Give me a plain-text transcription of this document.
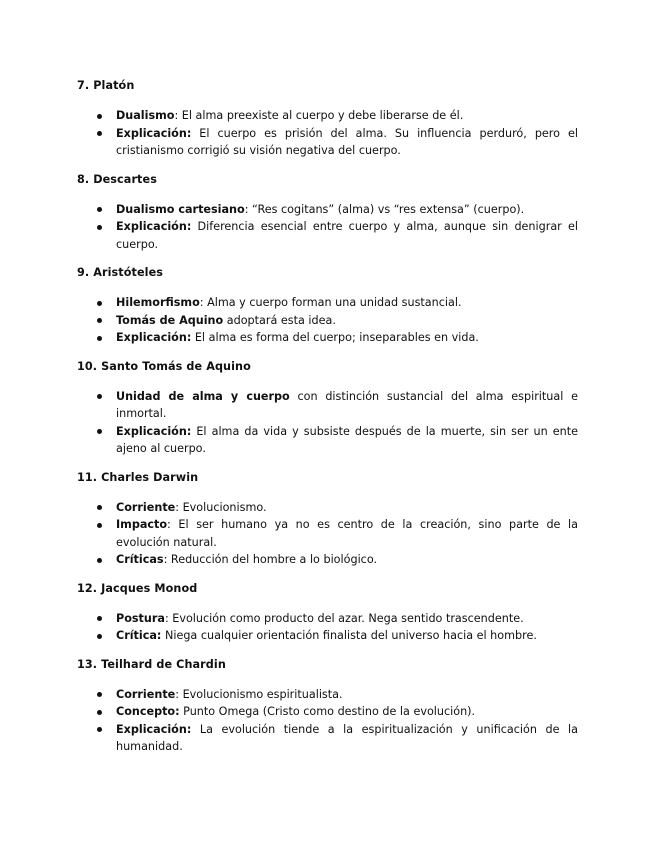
7. Platón
Dualismo: El alma preexiste al cuerpo y debe liberarse de él.
Explicación: El cuerpo es prisión del alma. Su influencia perduró, pero el cristianismo corrigió su visión negativa del cuerpo.
8. Descartes
Dualismo cartesiano: “Res cogitans” (alma) vs “res extensa” (cuerpo).
Explicación: Diferencia esencial entre cuerpo y alma, aunque sin denigrar el cuerpo.
9. Aristóteles
Hilemorfismo: Alma y cuerpo forman una unidad sustancial.
Tomás de Aquino adoptará esta idea.
Explicación: El alma es forma del cuerpo; inseparables en vida.
10. Santo Tomás de Aquino
Unidad de alma y cuerpo con distinción sustancial del alma espiritual e inmortal.
Explicación: El alma da vida y subsiste después de la muerte, sin ser un ente ajeno al cuerpo.
11. Charles Darwin
Corriente: Evolucionismo.
Impacto: El ser humano ya no es centro de la creación, sino parte de la evolución natural.
Críticas: Reducción del hombre a lo biológico.
12. Jacques Monod
Postura: Evolución como producto del azar. Nega sentido trascendente.
Crítica: Niega cualquier orientación finalista del universo hacia el hombre.
13. Teilhard de Chardin
Corriente: Evolucionismo espiritualista.
Concepto: Punto Omega (Cristo como destino de la evolución).
Explicación: La evolución tiende a la espiritualización y unificación de la humanidad.
